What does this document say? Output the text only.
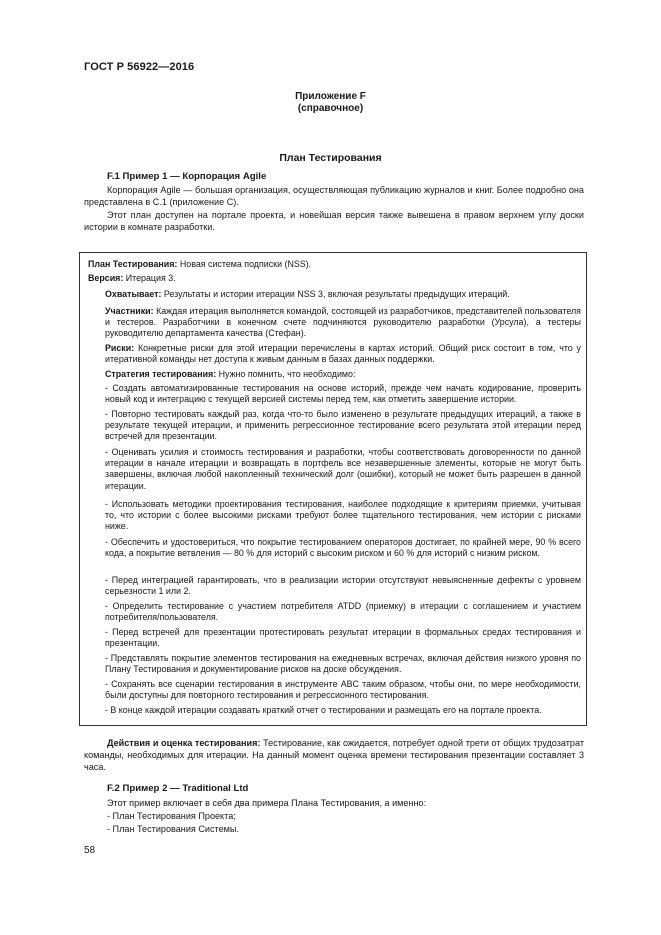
ГОСТ Р 56922—2016
Приложение F
(справочное)
План Тестирования
F.1 Пример 1 — Корпорация Agile
Корпорация Agile — большая организация, осуществляющая публикацию журналов и книг. Более подробно она представлена в С.1 (приложение С).
Этот план доступен на портале проекта, и новейшая версия также вывешена в правом верхнем углу доски истории в комнате разработки.
План Тестирования: Новая система подписки (NSS).
Версия: Итерация 3.
Охватывает: Результаты и истории итерации NSS 3, включая результаты предыдущих итераций.
Участники: Каждая итерация выполняется командой, состоящей из разработчиков, представителей пользователя и тестеров. Разработчики в конечном счете подчиняются руководителю разработки (Урсула), а тестеры руководителю департамента качества (Стефан).
Риски: Конкретные риски для этой итерации перечислены в картах историй. Общий риск состоит в том, что у итеративной команды нет доступа к живым данным в базах данных поддержки.
Стратегия тестирования: Нужно помнить, что необходимо:
- Создать автоматизированные тестирования на основе историй, прежде чем начать кодирование, проверить новый код и интеграцию с текущей версией системы перед тем, как отметить завершение истории.
- Повторно тестировать каждый раз, когда что-то было изменено в результате предыдущих итераций, а также в результате текущей итерации, и применить регрессионное тестирование всего результата этой итерации перед встречей для презентации.
- Оценивать усилия и стоимость тестирования и разработки, чтобы соответствовать договоренности по данной итерации в начале итерации и возвращать в портфель все незавершенные элементы, которые не могут быть завершены, включая любой накопленный технический долг (ошибки), который не может быть разрешен в данной итерации.
- Использовать методики проектирования тестирования, наиболее подходящие к критериям приемки, учитывая то, что истории с более высокими рисками требуют более тщательного тестирования, чем истории с рисками ниже.
- Обеспечить и удостовериться, что покрытие тестированием операторов достигает, по крайней мере, 90 % всего кода, а покрытие ветвления — 80 % для историй с высоким риском и 60 % для историй с низким риском.
- Перед интеграцией гарантировать, что в реализации истории отсутствуют невыясненные дефекты с уровнем серьезности 1 или 2.
- Определить тестирование с участием потребителя ATDD (приемку) в итерации с соглашением и участием потребителя/пользователя.
- Перед встречей для презентации протестировать результат итерации в формальных средах тестирования и презентации.
- Представлять покрытие элементов тестирования на ежедневных встречах, включая действия низкого уровня по Плану Тестирования и документирование рисков на доске обсуждения.
- Сохранять все сценарии тестирования в инструменте ABC таким образом, чтобы они, по мере необходимости, были доступны для повторного тестирования и регрессионного тестирования.
- В конце каждой итерации создавать краткий отчет о тестировании и размещать его на портале проекта.
Действия и оценка тестирования: Тестирование, как ожидается, потребует одной трети от общих трудозатрат команды, необходимых для итерации. На данный момент оценка времени тестирования презентации составляет 3 часа.
F.2 Пример 2 — Traditional Ltd
Этот пример включает в себя два примера Плана Тестирования, а именно:
- План Тестирования Проекта;
- План Тестирования Системы.
58
